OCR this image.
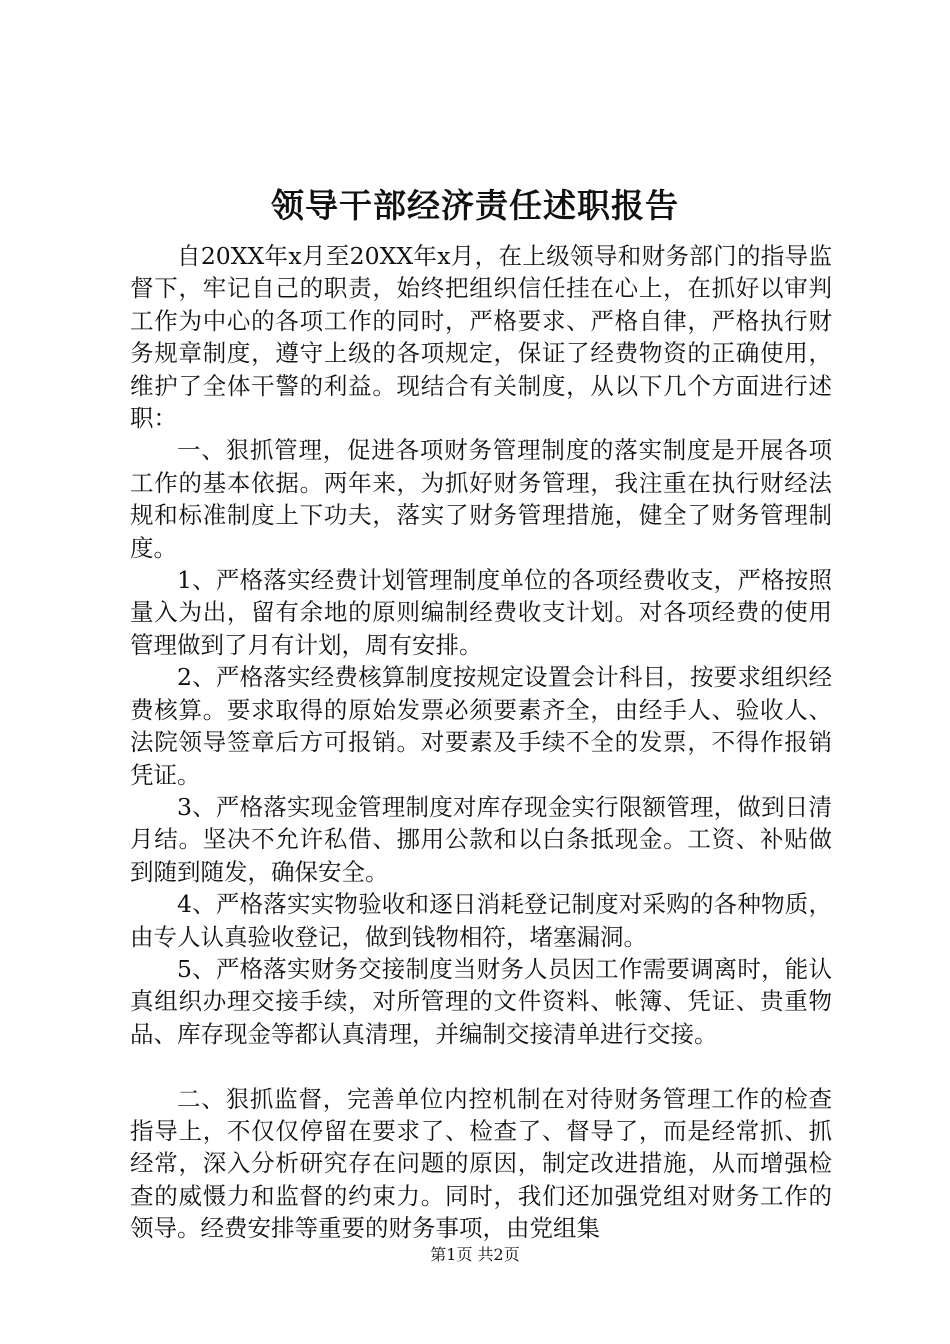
领导干部经济责任述职报告

自20XX年x月至20XX年x月，在上级领导和财务部门的指导监督下，牢记自己的职责，始终把组织信任挂在心上，在抓好以审判工作为中心的各项工作的同时，严格要求、严格自律，严格执行财务规章制度，遵守上级的各项规定，保证了经费物资的正确使用，维护了全体干警的利益。现结合有关制度，从以下几个方面进行述职：

一、狠抓管理，促进各项财务管理制度的落实制度是开展各项工作的基本依据。两年来，为抓好财务管理，我注重在执行财经法规和标准制度上下功夫，落实了财务管理措施，健全了财务管理制度。

1、严格落实经费计划管理制度单位的各项经费收支，严格按照量入为出，留有余地的原则编制经费收支计划。对各项经费的使用管理做到了月有计划，周有安排。

2、严格落实经费核算制度按规定设置会计科目，按要求组织经费核算。要求取得的原始发票必须要素齐全，由经手人、验收人、法院领导签章后方可报销。对要素及手续不全的发票，不得作报销凭证。

3、严格落实现金管理制度对库存现金实行限额管理，做到日清月结。坚决不允许私借、挪用公款和以白条抵现金。工资、补贴做到随到随发，确保安全。

4、严格落实实物验收和逐日消耗登记制度对采购的各种物质，由专人认真验收登记，做到钱物相符，堵塞漏洞。

5、严格落实财务交接制度当财务人员因工作需要调离时，能认真组织办理交接手续，对所管理的文件资料、帐簿、凭证、贵重物品、库存现金等都认真清理，并编制交接清单进行交接。

二、狠抓监督，完善单位内控机制在对待财务管理工作的检查指导上，不仅仅停留在要求了、检查了、督导了，而是经常抓、抓经常，深入分析研究存在问题的原因，制定改进措施，从而增强检查的威慑力和监督的约束力。同时，我们还加强党组对财务工作的领导。经费安排等重要的财务事项，由党组集

第1页 共2页
